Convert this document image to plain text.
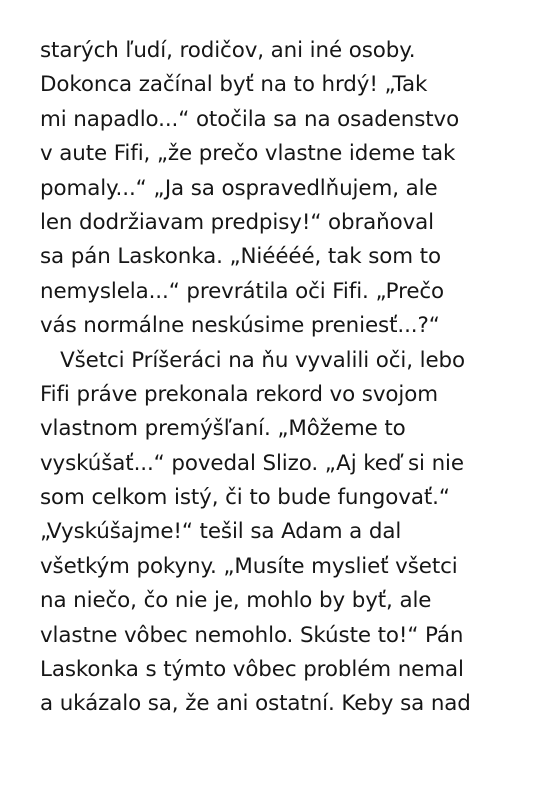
starých ľudí, rodičov, ani iné osoby.
Dokonca začínal byť na to hrdý! „Tak
mi napadlo...“ otočila sa na osadenstvo
v aute Fifi, „že prečo vlastne ideme tak
pomaly...“ „Ja sa ospravedlňujem, ale
len dodržiavam predpisy!“ obraňoval
sa pán Laskonka. „Niéééé, tak som to
nemyslela...“ prevrátila oči Fifi. „Prečo
vás normálne neskúsime preniesť...?“
Všetci Príšeráci na ňu vyvalili oči, lebo
Fifi práve prekonala rekord vo svojom
vlastnom premýšľaní. „Môžeme to
vyskúšať...“ povedal Slizo. „Aj keď si nie
som celkom istý, či to bude fungovať.“
„Vyskúšajme!“ tešil sa Adam a dal
všetkým pokyny. „Musíte myslieť všetci
na niečo, čo nie je, mohlo by byť, ale
vlastne vôbec nemohlo. Skúste to!“ Pán
Laskonka s týmto vôbec problém nemal
a ukázalo sa, že ani ostatní. Keby sa nad
